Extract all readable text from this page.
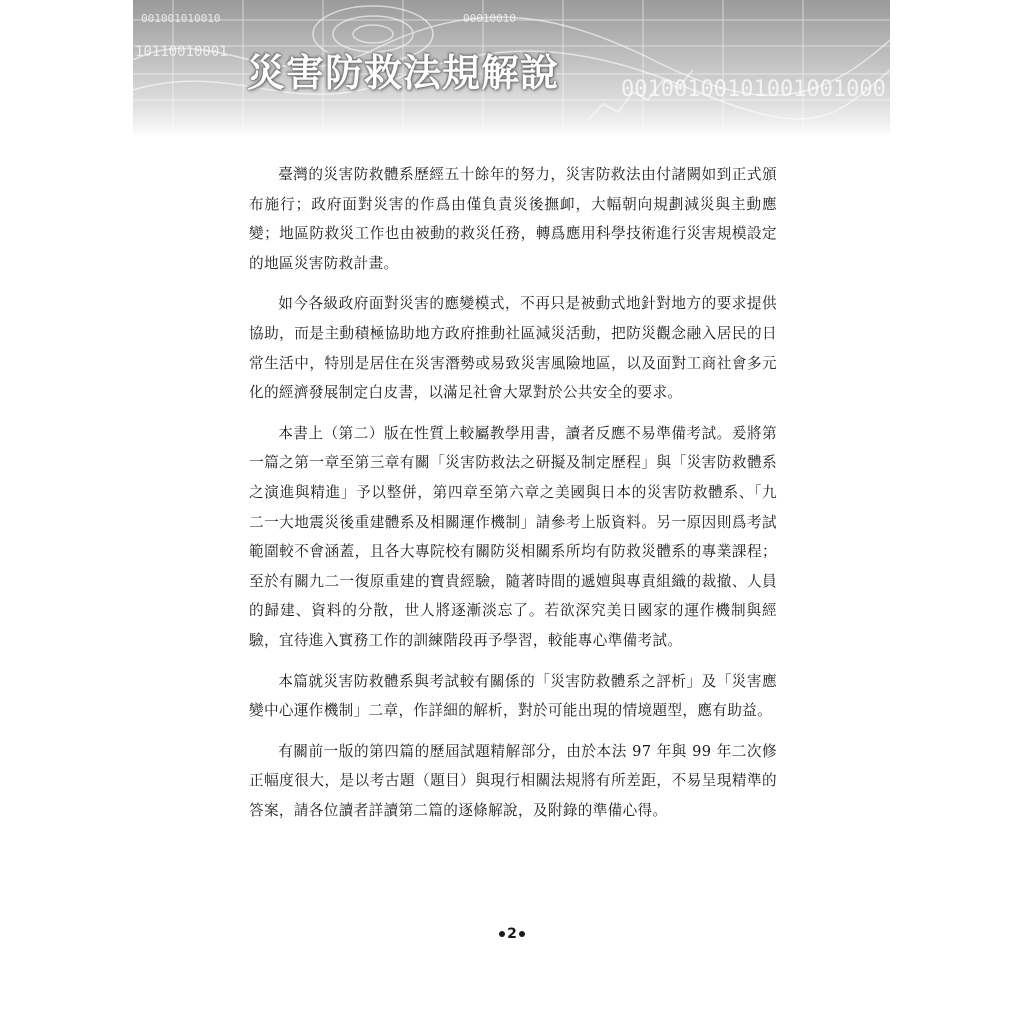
001001010010	00010010
00100100101001001000
10110010001 災害防救法規解說

臺灣的災害防救體系歷經五十餘年的努力，災害防救法由付諸闕如到正式頒布施行；政府面對災害的作爲由僅負責災後撫卹，大幅朝向規劃減災與主動應變；地區防救災工作也由被動的救災任務，轉爲應用科學技術進行災害規模設定的地區災害防救計畫。

如今各級政府面對災害的應變模式，不再只是被動式地針對地方的要求提供協助，而是主動積極協助地方政府推動社區減災活動，把防災觀念融入居民的日常生活中，特別是居住在災害潛勢或易致災害風險地區，以及面對工商社會多元化的經濟發展制定白皮書，以滿足社會大眾對於公共安全的要求。

本書上（第二）版在性質上較屬教學用書，讀者反應不易準備考試。爰將第一篇之第一章至第三章有關「災害防救法之研擬及制定歷程」與「災害防救體系之演進與精進」予以整併，第四章至第六章之美國與日本的災害防救體系、「九二一大地震災後重建體系及相關運作機制」請參考上版資料。另一原因則爲考試範圍較不會涵蓋，且各大專院校有關防災相關系所均有防救災體系的專業課程；至於有關九二一復原重建的寶貴經驗，隨著時間的遞嬗與專責組織的裁撤、人員的歸建、資料的分散，世人將逐漸淡忘了。若欲深究美日國家的運作機制與經驗，宜待進入實務工作的訓練階段再予學習，較能專心準備考試。

本篇就災害防救體系與考試較有關係的「災害防救體系之評析」及「災害應變中心運作機制」二章，作詳細的解析，對於可能出現的情境題型，應有助益。

有關前一版的第四篇的歷屆試題精解部分，由於本法 97 年與 99 年二次修正幅度很大，是以考古題（題目）與現行相關法規將有所差距，不易呈現精準的答案，請各位讀者詳讀第二篇的逐條解說，及附錄的準備心得。

2
